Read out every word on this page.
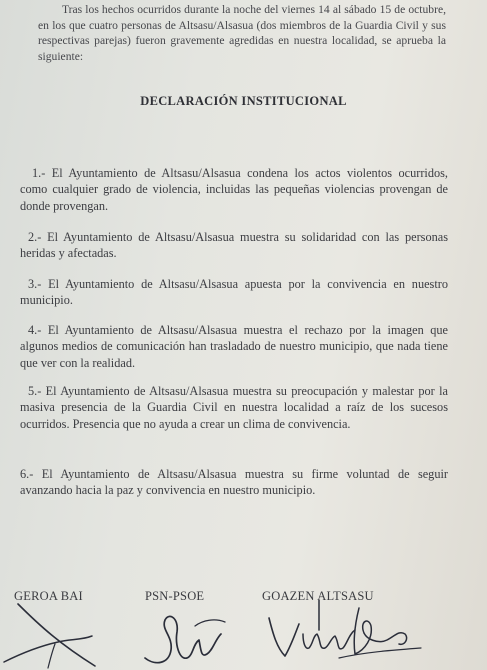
Tras los hechos ocurridos durante la noche del viernes 14 al sábado 15 de octubre, en los que cuatro personas de Altsasu/Alsasua (dos miembros de la Guardia Civil y sus respectivas parejas) fueron gravemente agredidas en nuestra localidad, se aprueba la siguiente:
DECLARACIÓN INSTITUCIONAL
1.- El Ayuntamiento de Altsasu/Alsasua condena los actos violentos ocurridos, como cualquier grado de violencia, incluidas las pequeñas violencias provengan de donde provengan.
2.- El Ayuntamiento de Altsasu/Alsasua muestra su solidaridad con las personas heridas y afectadas.
3.- El Ayuntamiento de Altsasu/Alsasua apuesta por la convivencia en nuestro municipio.
4.- El Ayuntamiento de Altsasu/Alsasua muestra el rechazo por la imagen que algunos medios de comunicación han trasladado de nuestro municipio, que nada tiene que ver con la realidad.
5.- El Ayuntamiento de Altsasu/Alsasua muestra su preocupación y malestar por la masiva presencia de la Guardia Civil en nuestra localidad a raíz de los sucesos ocurridos. Presencia que no ayuda a crear un clima de convivencia.
6.- El Ayuntamiento de Altsasu/Alsasua muestra su firme voluntad de seguir avanzando hacia la paz y convivencia en nuestro municipio.
GEROA BAI	PSN-PSOE	GOAZEN ALTSASU
